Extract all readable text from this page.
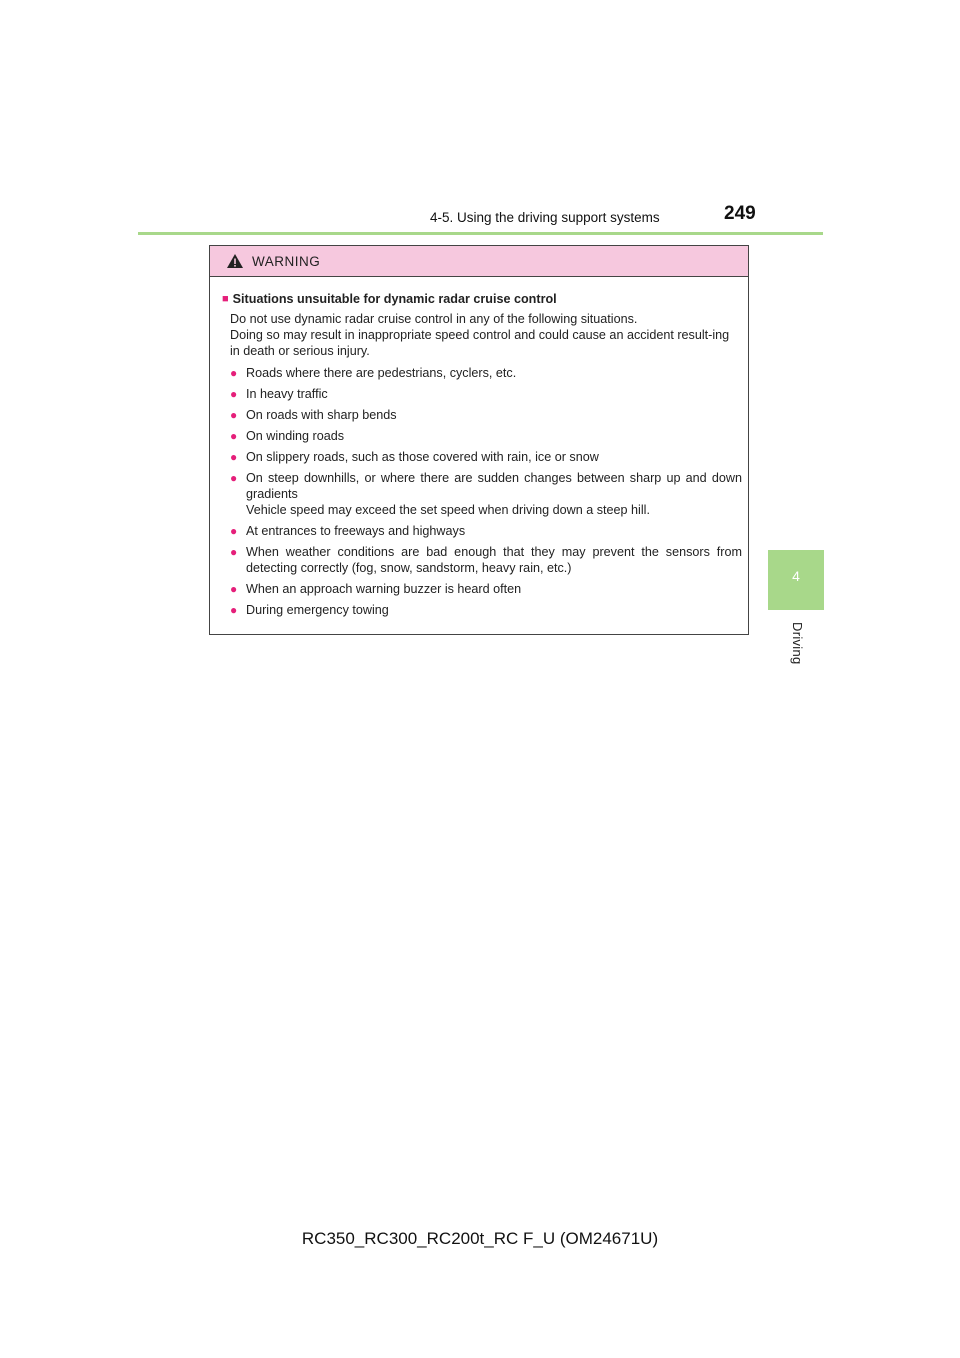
4-5. Using the driving support systems	249
4
Driving
WARNING
■ Situations unsuitable for dynamic radar cruise control
Do not use dynamic radar cruise control in any of the following situations.
Doing so may result in inappropriate speed control and could cause an accident result-ing in death or serious injury.
● Roads where there are pedestrians, cyclers, etc.
● In heavy traffic
● On roads with sharp bends
● On winding roads
● On slippery roads, such as those covered with rain, ice or snow
● On steep downhills, or where there are sudden changes between sharp up and down gradients
Vehicle speed may exceed the set speed when driving down a steep hill.
● At entrances to freeways and highways
● When weather conditions are bad enough that they may prevent the sensors from detecting correctly (fog, snow, sandstorm, heavy rain, etc.)
● When an approach warning buzzer is heard often
● During emergency towing
RC350_RC300_RC200t_RC F_U (OM24671U)
